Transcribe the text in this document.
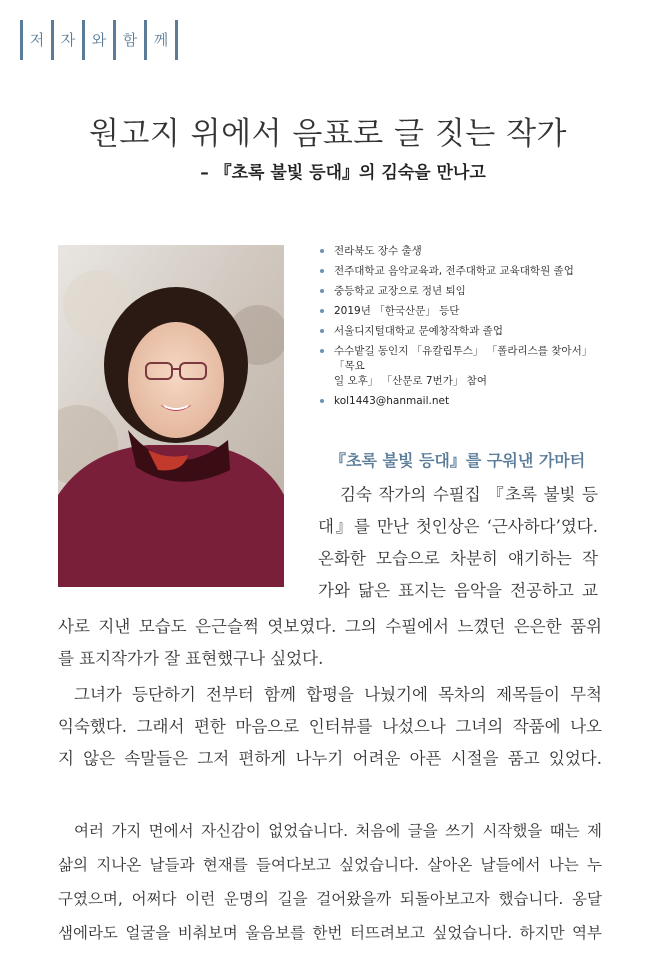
저 자 와 함 께
원고지 위에서 음표로 글 짓는 작가
– 『초록 불빛 등대』의 김숙을 만나고
전라북도 장수 출생
전주대학교 음악교육과, 전주대학교 교육대학원 졸업
중등학교 교장으로 정년 퇴임
2019년 「한국산문」 등단
서울디지털대학교 문예창작학과 졸업
수수밭길 동인지 「유칼립투스」 「폴라리스를 찾아서」 「목요
일 오후」 「산문로 7번가」 참여
kol1443@hanmail.net
『초록 불빛 등대』를 구워낸 가마터
김숙 작가의 수필집 『초록 불빛 등
대』를 만난 첫인상은 ‘근사하다’였다.
온화한 모습으로 차분히 얘기하는 작
가와 닮은 표지는 음악을 전공하고 교
사로 지낸 모습도 은근슬쩍 엿보였다. 그의 수필에서 느꼈던 은은한 품위
를 표지작가가 잘 표현했구나 싶었다.
그녀가 등단하기 전부터 함께 합평을 나눴기에 목차의 제목들이 무척
익숙했다. 그래서 편한 마음으로 인터뷰를 나섰으나 그녀의 작품에 나오
지 않은 속말들은 그저 편하게 나누기 어려운 아픈 시절을 품고 있었다.
여러 가지 면에서 자신감이 없었습니다. 처음에 글을 쓰기 시작했을 때는 제
삶의 지나온 날들과 현재를 들여다보고 싶었습니다. 살아온 날들에서 나는 누
구였으며, 어쩌다 이런 운명의 길을 걸어왔을까 되돌아보고자 했습니다. 옹달
샘에라도 얼굴을 비춰보며 울음보를 한번 터뜨려보고 싶었습니다. 하지만 역부
